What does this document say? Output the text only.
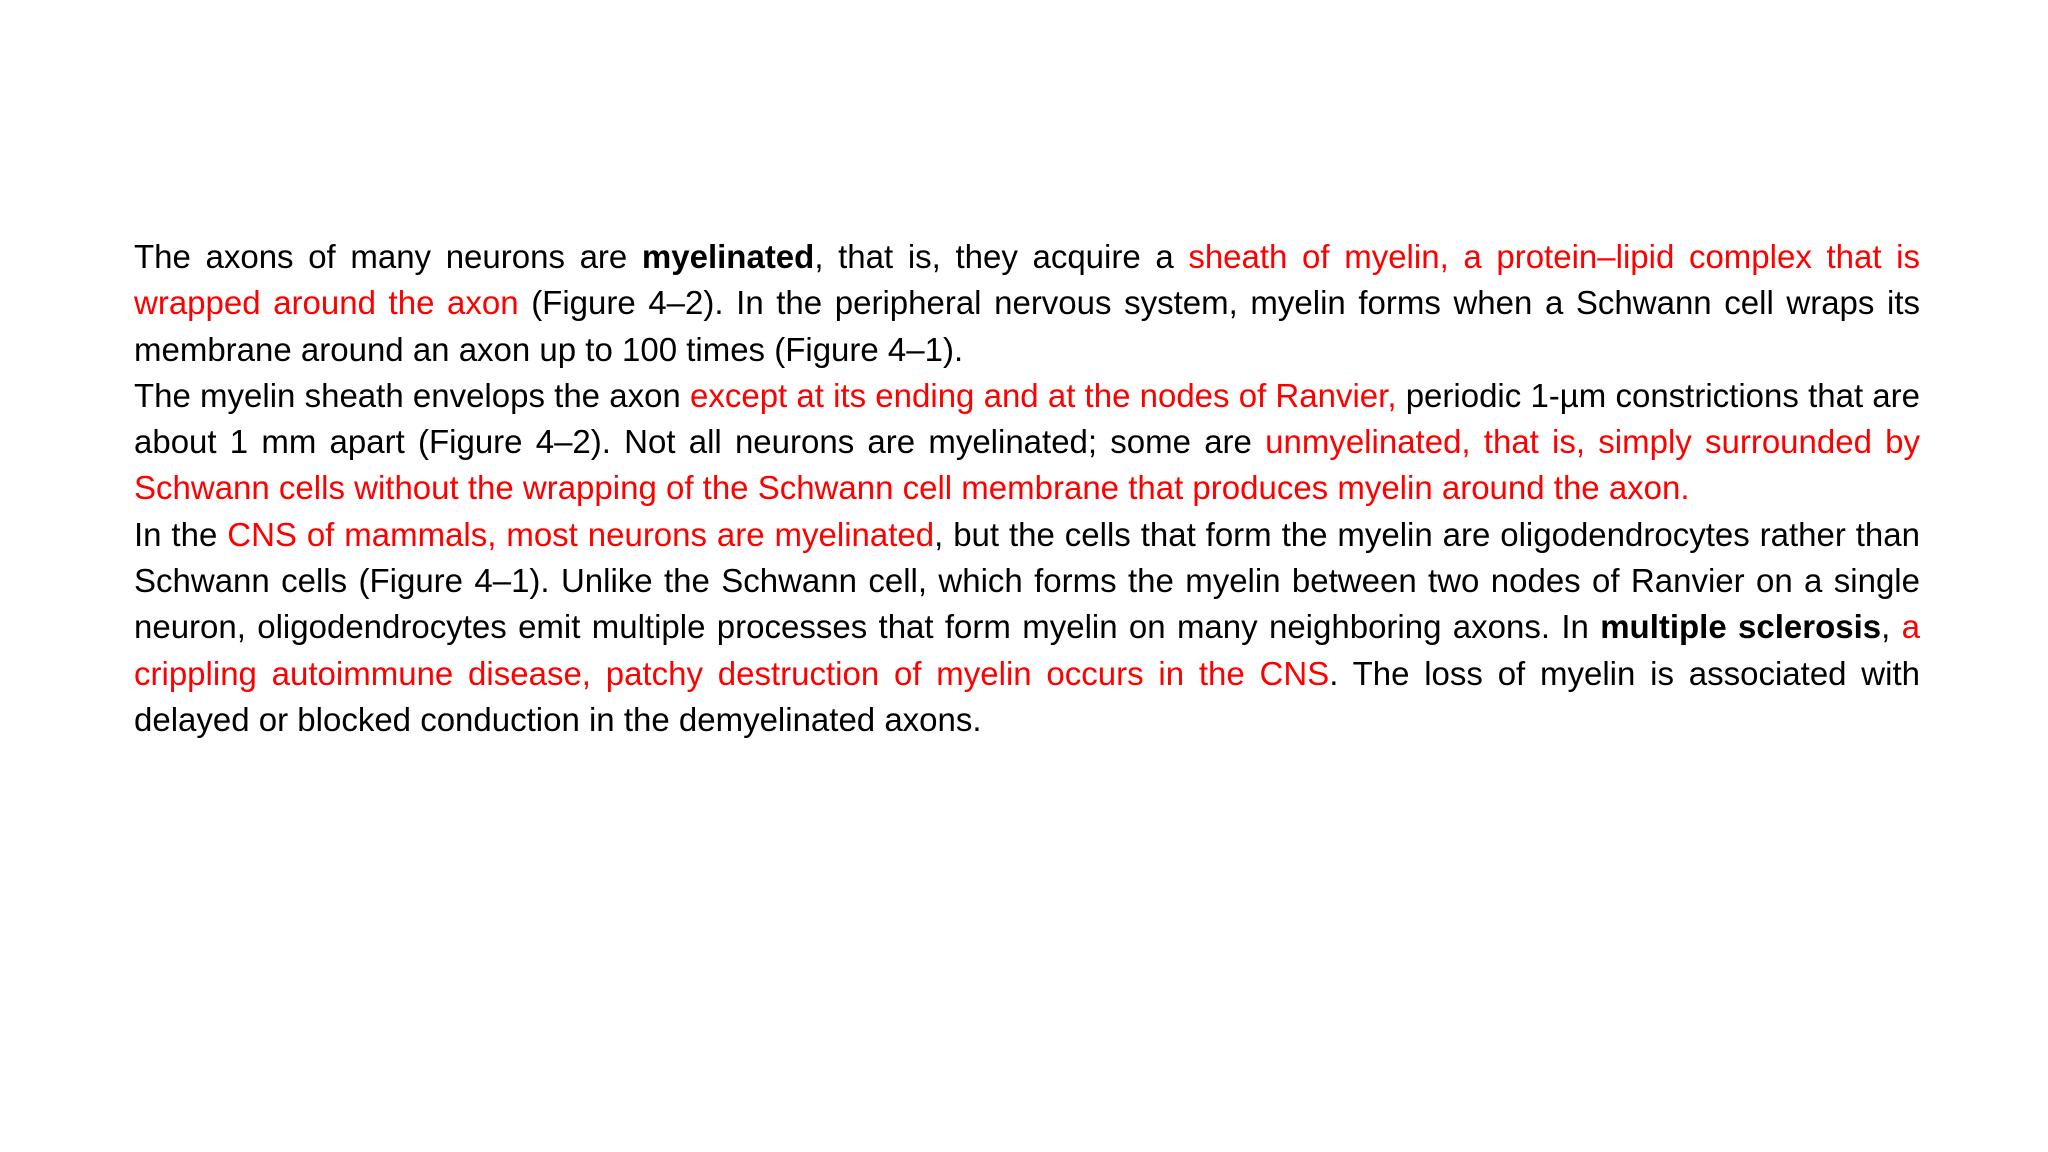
The axons of many neurons are myelinated, that is, they acquire a sheath of myelin, a protein–lipid complex that is wrapped around the axon (Figure 4–2). In the peripheral nervous system, myelin forms when a Schwann cell wraps its membrane around an axon up to 100 times (Figure 4–1).

The myelin sheath envelops the axon except at its ending and at the nodes of Ranvier, periodic 1-µm constrictions that are about 1 mm apart (Figure 4–2). Not all neurons are myelinated; some are unmyelinated, that is, simply surrounded by Schwann cells without the wrapping of the Schwann cell membrane that produces myelin around the axon.

In the CNS of mammals, most neurons are myelinated, but the cells that form the myelin are oligodendrocytes rather than Schwann cells (Figure 4–1). Unlike the Schwann cell, which forms the myelin between two nodes of Ranvier on a single neuron, oligodendrocytes emit multiple processes that form myelin on many neighboring axons. In multiple sclerosis, a crippling autoimmune disease, patchy destruction of myelin occurs in the CNS. The loss of myelin is associated with delayed or blocked conduction in the demyelinated axons.
